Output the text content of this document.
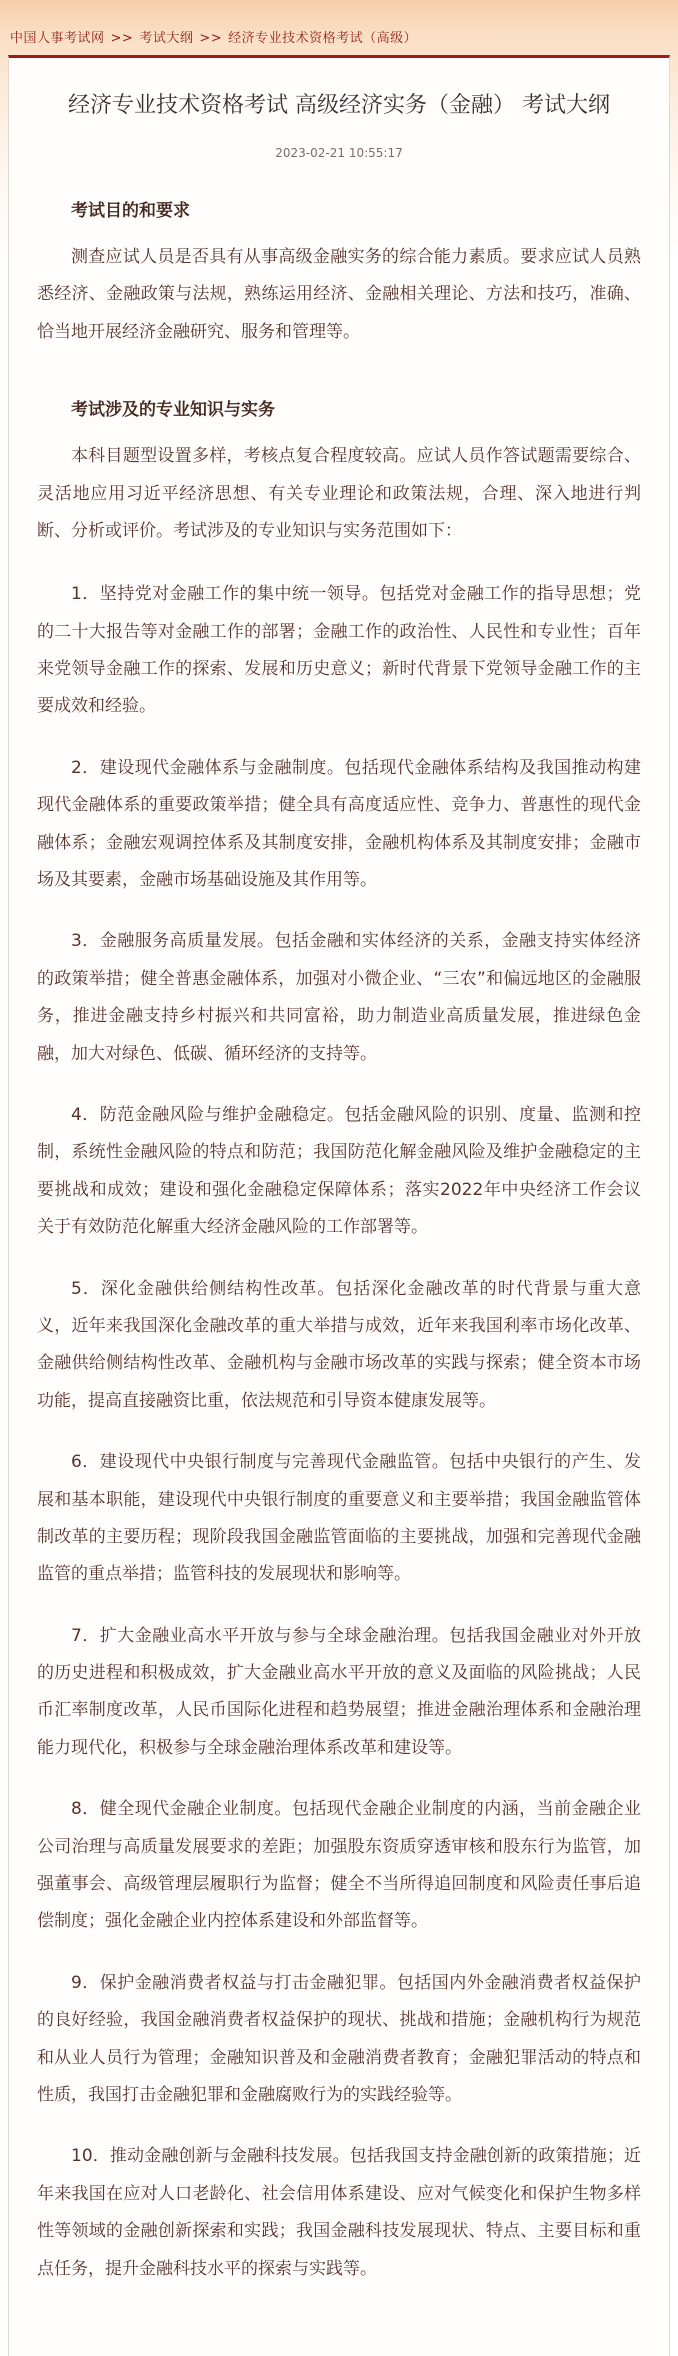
中国人事考试网 >> 考试大纲 >> 经济专业技术资格考试（高级）
经济专业技术资格考试 高级经济实务（金融） 考试大纲
2023-02-21 10:55:17
考试目的和要求

测查应试人员是否具有从事高级金融实务的综合能力素质。要求应试人员熟悉经济、金融政策与法规，熟练运用经济、金融相关理论、方法和技巧，准确、恰当地开展经济金融研究、服务和管理等。

考试涉及的专业知识与实务

本科目题型设置多样，考核点复合程度较高。应试人员作答试题需要综合、灵活地应用习近平经济思想、有关专业理论和政策法规，合理、深入地进行判断、分析或评价。考试涉及的专业知识与实务范围如下：

1．坚持党对金融工作的集中统一领导。包括党对金融工作的指导思想；党的二十大报告等对金融工作的部署；金融工作的政治性、人民性和专业性；百年来党领导金融工作的探索、发展和历史意义；新时代背景下党领导金融工作的主要成效和经验。

2．建设现代金融体系与金融制度。包括现代金融体系结构及我国推动构建现代金融体系的重要政策举措；健全具有高度适应性、竞争力、普惠性的现代金融体系；金融宏观调控体系及其制度安排，金融机构体系及其制度安排；金融市场及其要素，金融市场基础设施及其作用等。

3．金融服务高质量发展。包括金融和实体经济的关系，金融支持实体经济的政策举措；健全普惠金融体系，加强对小微企业、“三农”和偏远地区的金融服务，推进金融支持乡村振兴和共同富裕，助力制造业高质量发展，推进绿色金融，加大对绿色、低碳、循环经济的支持等。

4．防范金融风险与维护金融稳定。包括金融风险的识别、度量、监测和控制，系统性金融风险的特点和防范；我国防范化解金融风险及维护金融稳定的主要挑战和成效；建设和强化金融稳定保障体系；落实2022年中央经济工作会议关于有效防范化解重大经济金融风险的工作部署等。

5．深化金融供给侧结构性改革。包括深化金融改革的时代背景与重大意义，近年来我国深化金融改革的重大举措与成效，近年来我国利率市场化改革、金融供给侧结构性改革、金融机构与金融市场改革的实践与探索；健全资本市场功能，提高直接融资比重，依法规范和引导资本健康发展等。

6．建设现代中央银行制度与完善现代金融监管。包括中央银行的产生、发展和基本职能，建设现代中央银行制度的重要意义和主要举措；我国金融监管体制改革的主要历程；现阶段我国金融监管面临的主要挑战，加强和完善现代金融监管的重点举措；监管科技的发展现状和影响等。

7．扩大金融业高水平开放与参与全球金融治理。包括我国金融业对外开放的历史进程和积极成效，扩大金融业高水平开放的意义及面临的风险挑战；人民币汇率制度改革，人民币国际化进程和趋势展望；推进金融治理体系和金融治理能力现代化，积极参与全球金融治理体系改革和建设等。

8．健全现代金融企业制度。包括现代金融企业制度的内涵，当前金融企业公司治理与高质量发展要求的差距；加强股东资质穿透审核和股东行为监管，加强董事会、高级管理层履职行为监督；健全不当所得追回制度和风险责任事后追偿制度；强化金融企业内控体系建设和外部监督等。

9．保护金融消费者权益与打击金融犯罪。包括国内外金融消费者权益保护的良好经验，我国金融消费者权益保护的现状、挑战和措施；金融机构行为规范和从业人员行为管理；金融知识普及和金融消费者教育；金融犯罪活动的特点和性质，我国打击金融犯罪和金融腐败行为的实践经验等。

10．推动金融创新与金融科技发展。包括我国支持金融创新的政策措施；近年来我国在应对人口老龄化、社会信用体系建设、应对气候变化和保护生物多样性等领域的金融创新探索和实践；我国金融科技发展现状、特点、主要目标和重点任务，提升金融科技水平的探索与实践等。
